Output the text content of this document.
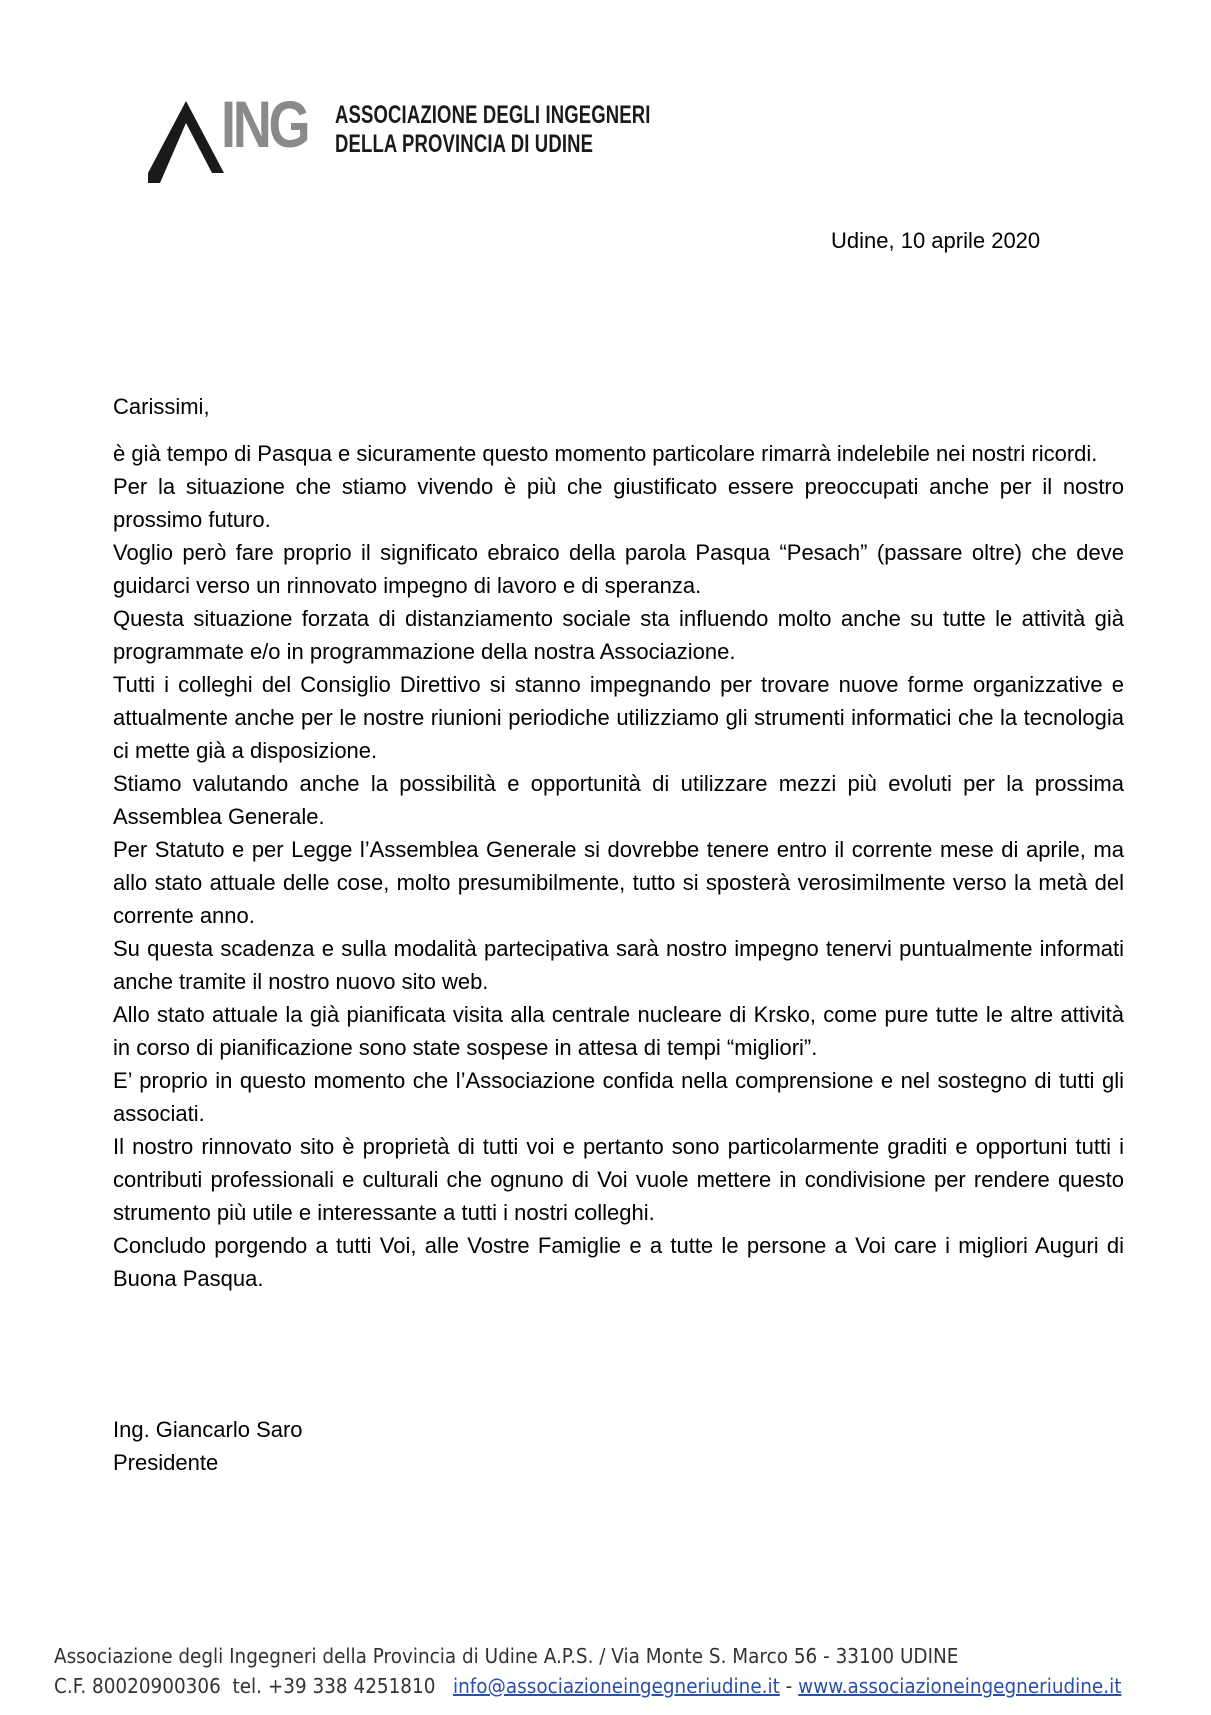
ING ASSOCIAZIONE DEGLI INGEGNERI
DELLA PROVINCIA DI UDINE
Udine, 10 aprile 2020
Carissimi,

è già tempo di Pasqua e sicuramente questo momento particolare rimarrà indelebile nei nostri ricordi.

Per la situazione che stiamo vivendo è più che giustificato essere preoccupati anche per il nostro prossimo futuro.

Voglio però fare proprio il significato ebraico della parola Pasqua “Pesach” (passare oltre) che deve guidarci verso un rinnovato impegno di lavoro e di speranza.

Questa situazione forzata di distanziamento sociale sta influendo molto anche su tutte le attività già programmate e/o in programmazione della nostra Associazione.

Tutti i colleghi del Consiglio Direttivo si stanno impegnando per trovare nuove forme organizzative e attualmente anche per le nostre riunioni periodiche utilizziamo gli strumenti informatici che la tecnologia ci mette già a disposizione.

Stiamo valutando anche la possibilità e opportunità di utilizzare mezzi più evoluti per la prossima Assemblea Generale.

Per Statuto e per Legge l’Assemblea Generale si dovrebbe tenere entro il corrente mese di aprile, ma allo stato attuale delle cose, molto presumibilmente, tutto si sposterà verosimilmente verso la metà del corrente anno.

Su questa scadenza e sulla modalità partecipativa sarà nostro impegno tenervi puntualmente informati anche tramite il nostro nuovo sito web.

Allo stato attuale la già pianificata visita alla centrale nucleare di Krsko, come pure tutte le altre attività in corso di pianificazione sono state sospese in attesa di tempi “migliori”.

E’ proprio in questo momento che l’Associazione confida nella comprensione e nel sostegno di tutti gli associati.

Il nostro rinnovato sito è proprietà di tutti voi e pertanto sono particolarmente graditi e opportuni tutti i contributi professionali e culturali che ognuno di Voi vuole mettere in condivisione per rendere questo strumento più utile e interessante a tutti i nostri colleghi.

Concludo porgendo a tutti Voi, alle Vostre Famiglie e a tutte le persone a Voi care i migliori Auguri di Buona Pasqua.

Ing. Giancarlo Saro
Presidente
Associazione degli Ingegneri della Provincia di Udine A.P.S. / Via Monte S. Marco 56 - 33100 UDINE
C.F. 80020900306  tel. +39 338 4251810   info@associazioneingegneriudine.it - www.associazioneingegneriudine.it
